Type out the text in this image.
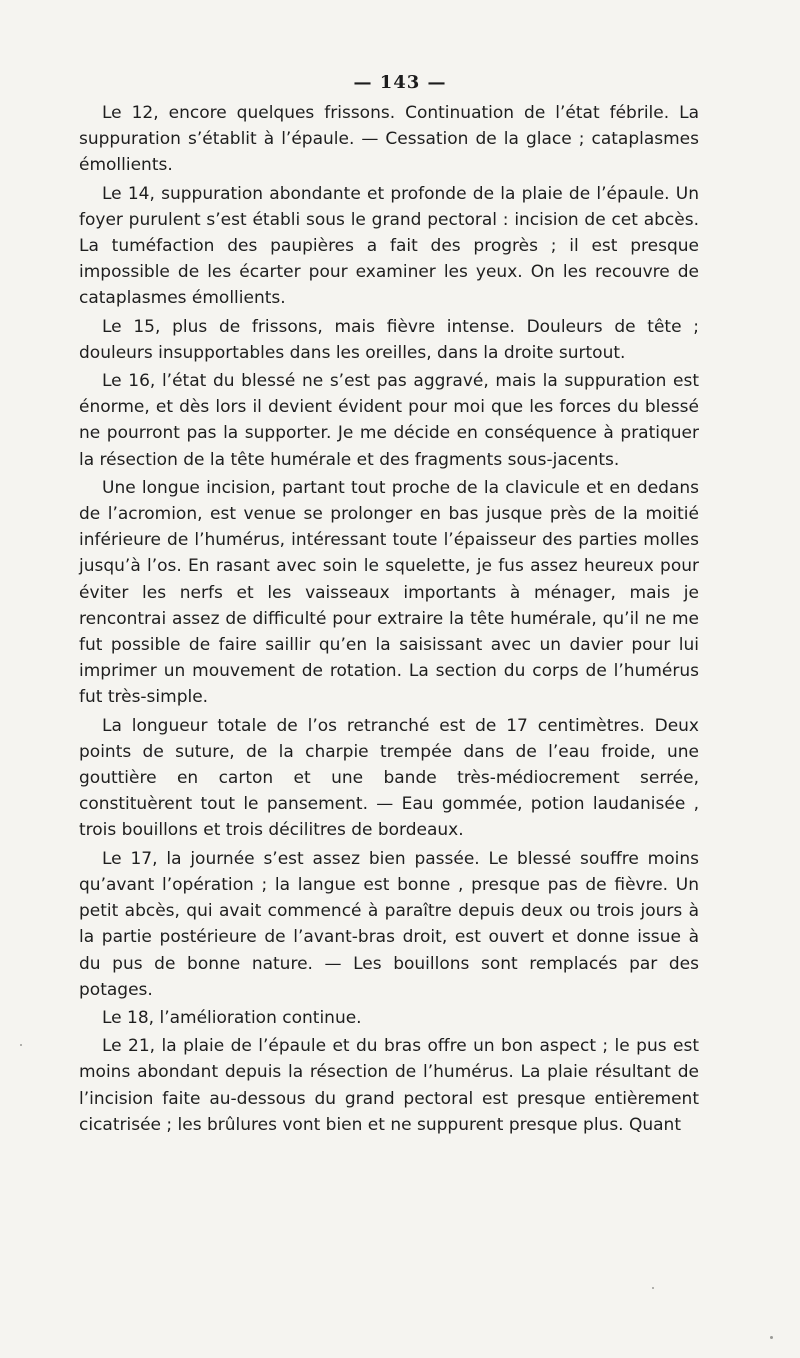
— 143 —

Le 12, encore quelques frissons. Continuation de l’état fébrile. La suppuration s’établit à l’épaule. — Cessation de la glace ; cataplasmes émollients.

Le 14, suppuration abondante et profonde de la plaie de l’épaule. Un foyer purulent s’est établi sous le grand pectoral : incision de cet abcès. La tuméfaction des paupières a fait des progrès ; il est presque impossible de les écarter pour examiner les yeux. On les recouvre de cataplasmes émollients.

Le 15, plus de frissons, mais fièvre intense. Douleurs de tête ; douleurs insupportables dans les oreilles, dans la droite surtout.

Le 16, l’état du blessé ne s’est pas aggravé, mais la suppuration est énorme, et dès lors il devient évident pour moi que les forces du blessé ne pourront pas la supporter. Je me décide en conséquence à pratiquer la résection de la tête humérale et des fragments sous-jacents.

Une longue incision, partant tout proche de la clavicule et en dedans de l’acromion, est venue se prolonger en bas jusque près de la moitié inférieure de l’humérus, intéressant toute l’épaisseur des parties molles jusqu’à l’os. En rasant avec soin le squelette, je fus assez heureux pour éviter les nerfs et les vaisseaux importants à ménager, mais je rencontrai assez de difficulté pour extraire la tête humérale, qu’il ne me fut possible de faire saillir qu’en la saisissant avec un davier pour lui imprimer un mouvement de rotation. La section du corps de l’humérus fut très-simple.

La longueur totale de l’os retranché est de 17 centimètres. Deux points de suture, de la charpie trempée dans de l’eau froide, une gouttière en carton et une bande très-médiocrement serrée, constituèrent tout le pansement. — Eau gommée, potion laudanisée , trois bouillons et trois décilitres de bordeaux.

Le 17, la journée s’est assez bien passée. Le blessé souffre moins qu’avant l’opération ; la langue est bonne , presque pas de fièvre. Un petit abcès, qui avait commencé à paraître depuis deux ou trois jours à la partie postérieure de l’avant-bras droit, est ouvert et donne issue à du pus de bonne nature. — Les bouillons sont remplacés par des potages.

Le 18, l’amélioration continue.

Le 21, la plaie de l’épaule et du bras offre un bon aspect ; le pus est moins abondant depuis la résection de l’humérus. La plaie résultant de l’incision faite au-dessous du grand pectoral est presque entièrement cicatrisée ; les brûlures vont bien et ne suppurent presque plus. Quant
